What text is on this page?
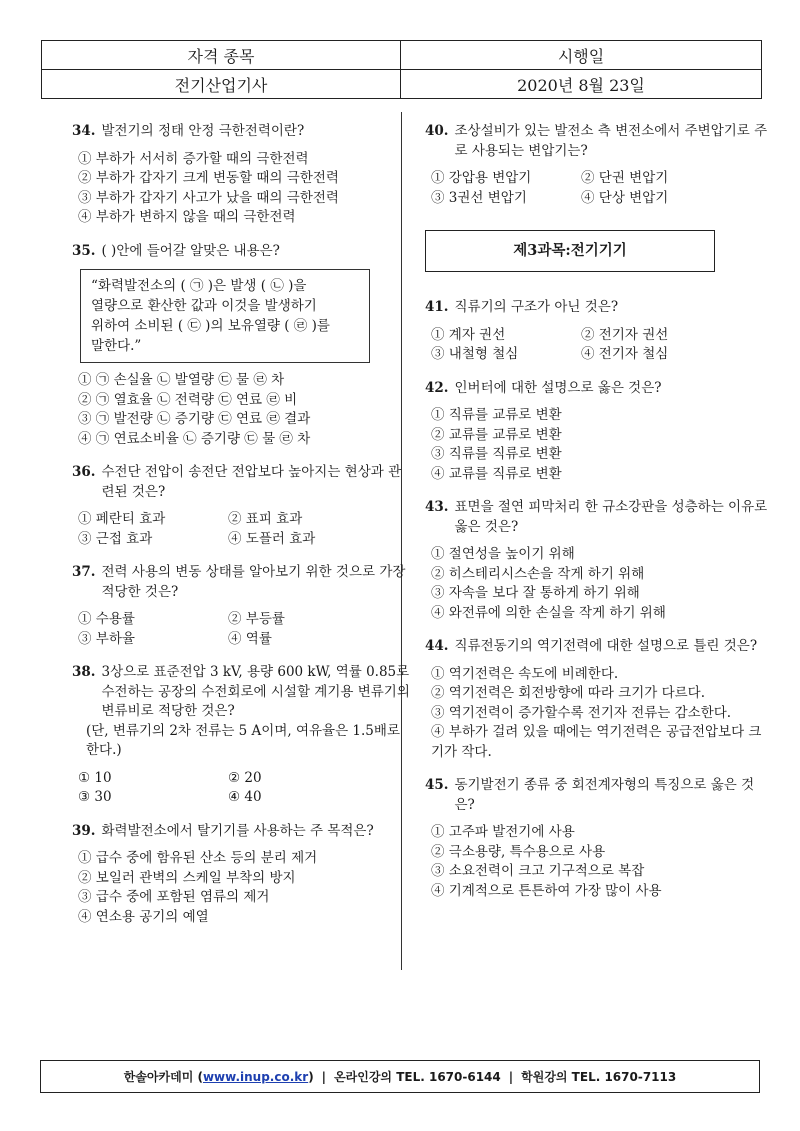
자격 종목	시행일
전기산업기사	2020년 8월 23일
34. 발전기의 정태 안정 극한전력이란?
① 부하가 서서히 증가할 때의 극한전력
② 부하가 갑자기 크게 변동할 때의 극한전력
③ 부하가 갑자기 사고가 났을 때의 극한전력
④ 부하가 변하지 않을 때의 극한전력
35. ( )안에 들어갈 알맞은 내용은?
“화력발전소의 ( ㉠ )은 발생 ( ㉡ )을
열량으로 환산한 값과 이것을 발생하기
위하여 소비된 ( ㉢ )의 보유열량 ( ㉣ )를
말한다.”
① ㉠ 손실율 ㉡ 발열량 ㉢ 물 ㉣ 차
② ㉠ 열효율 ㉡ 전력량 ㉢ 연료 ㉣ 비
③ ㉠ 발전량 ㉡ 증기량 ㉢ 연료 ㉣ 결과
④ ㉠ 연료소비율 ㉡ 증기량 ㉢ 물 ㉣ 차
36. 수전단 전압이 송전단 전압보다 높아지는 현상과 관련된 것은?
① 페란티 효과	② 표피 효과
③ 근접 효과	④ 도플러 효과
37. 전력 사용의 변동 상태를 알아보기 위한 것으로 가장 적당한 것은?
① 수용률	② 부등률
③ 부하율	④ 역률
38. 3상으로 표준전압 3 kV, 용량 600 kW, 역률 0.85로 수전하는 공장의 수전회로에 시설할 계기용 변류기의 변류비로 적당한 것은?
(단, 변류기의 2차 전류는 5 A이며, 여유율은 1.5배로 한다.)
① 10	② 20
③ 30	④ 40
39. 화력발전소에서 탈기기를 사용하는 주 목적은?
① 급수 중에 함유된 산소 등의 분리 제거
② 보일러 관벽의 스케일 부착의 방지
③ 급수 중에 포함된 염류의 제거
④ 연소용 공기의 예열
40. 조상설비가 있는 발전소 측 변전소에서 주변압기로 주로 사용되는 변압기는?
① 강압용 변압기	② 단권 변압기
③ 3권선 변압기	④ 단상 변압기
제3과목:전기기기
41. 직류기의 구조가 아닌 것은?
① 계자 권선	② 전기자 권선
③ 내철형 철심	④ 전기자 철심
42. 인버터에 대한 설명으로 옳은 것은?
① 직류를 교류로 변환
② 교류를 교류로 변환
③ 직류를 직류로 변환
④ 교류를 직류로 변환
43. 표면을 절연 피막처리 한 규소강판을 성층하는 이유로 옳은 것은?
① 절연성을 높이기 위해
② 히스테리시스손을 작게 하기 위해
③ 자속을 보다 잘 통하게 하기 위해
④ 와전류에 의한 손실을 작게 하기 위해
44. 직류전동기의 역기전력에 대한 설명으로 틀린 것은?
① 역기전력은 속도에 비례한다.
② 역기전력은 회전방향에 따라 크기가 다르다.
③ 역기전력이 증가할수록 전기자 전류는 감소한다.
④ 부하가 걸려 있을 때에는 역기전력은 공급전압보다 크기가 작다.
45. 동기발전기 종류 중 회전계자형의 특징으로 옳은 것은?
① 고주파 발전기에 사용
② 극소용량, 특수용으로 사용
③ 소요전력이 크고 기구적으로 복잡
④ 기계적으로 튼튼하여 가장 많이 사용
한솔아카데미 ( www.inup.co.kr ) | 온라인강의 TEL. 1670-6144 | 학원강의 TEL. 1670-7113
